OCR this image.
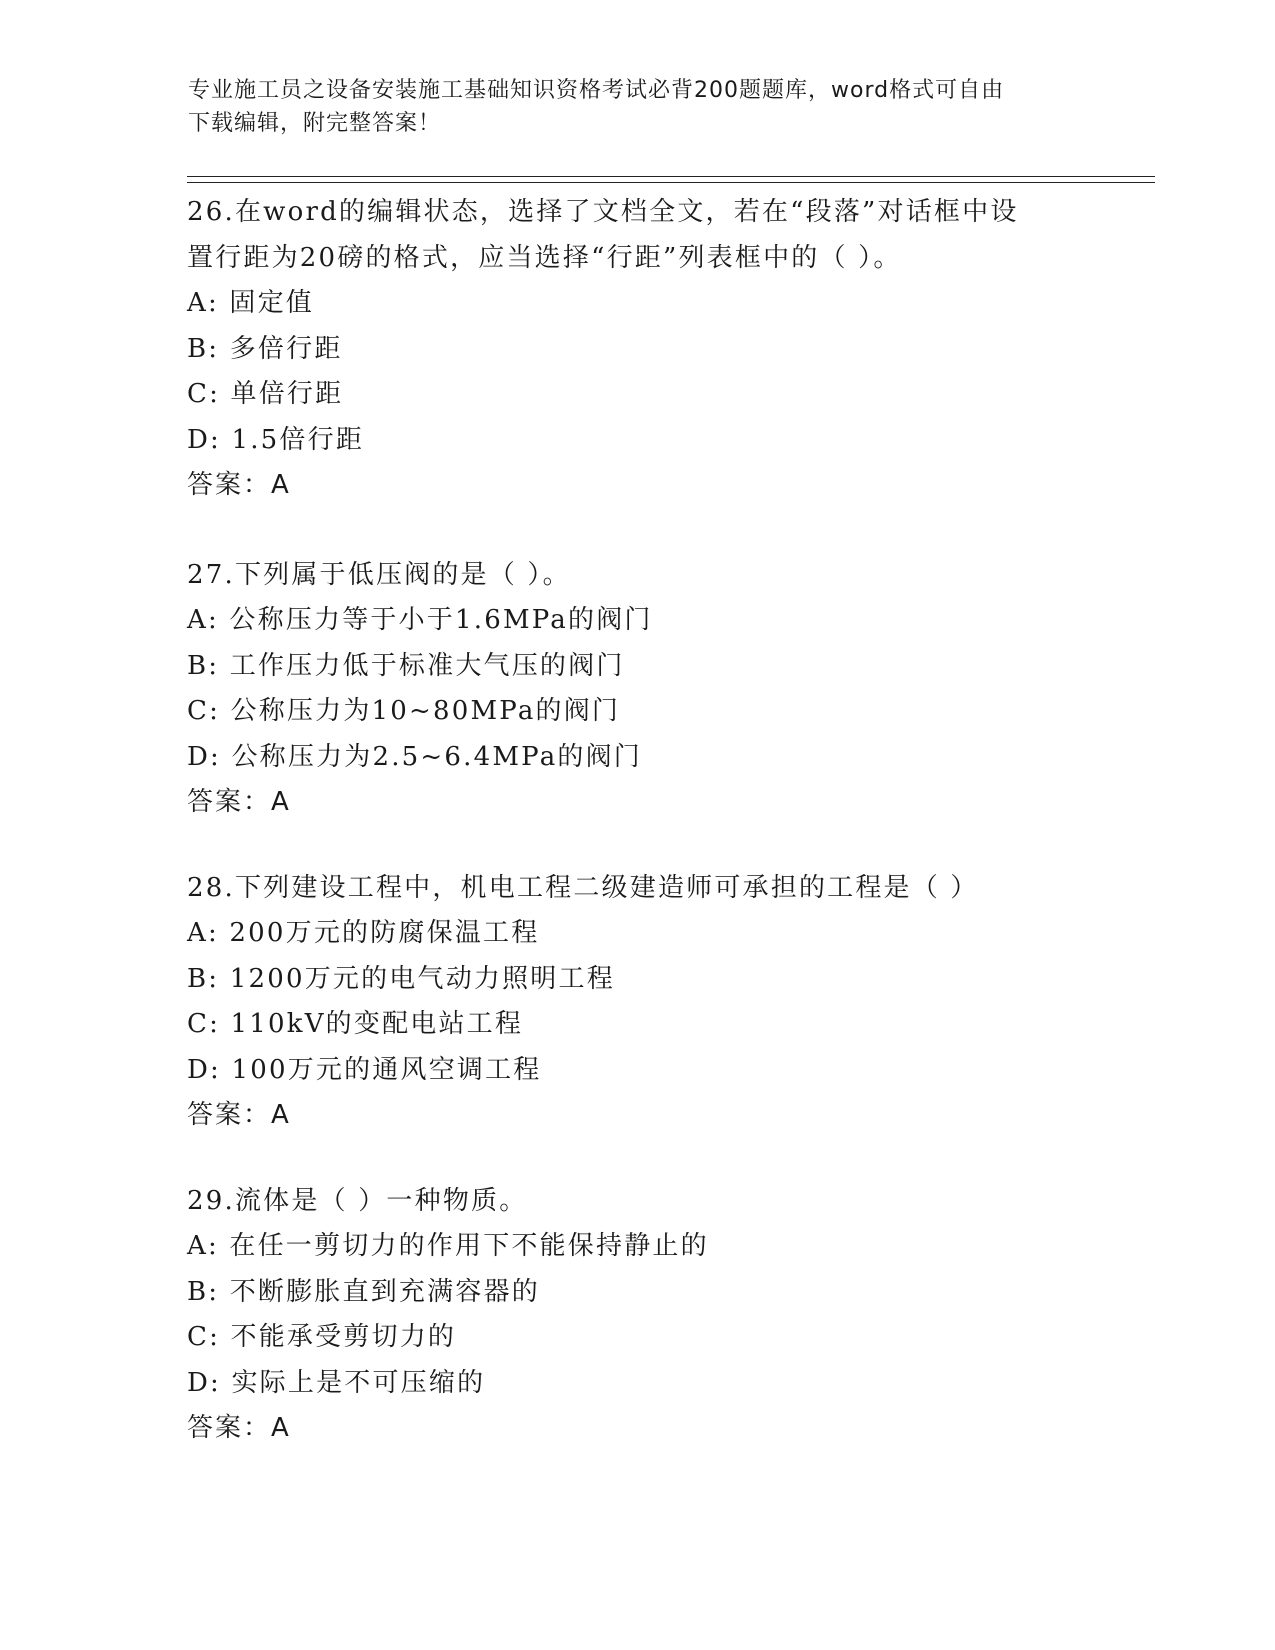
专业施工员之设备安装施工基础知识资格考试必背200题题库，word格式可自由
下载编辑，附完整答案！
26.在word的编辑状态，选择了文档全文，若在“段落”对话框中设
置行距为20磅的格式，应当选择“行距”列表框中的（ ）。
A: 固定值
B: 多倍行距
C: 单倍行距
D: 1.5倍行距
答案：A
27.下列属于低压阀的是（ ）。
A: 公称压力等于小于1.6MPa的阀门
B: 工作压力低于标准大气压的阀门
C: 公称压力为10~80MPa的阀门
D: 公称压力为2.5~6.4MPa的阀门
答案：A
28.下列建设工程中，机电工程二级建造师可承担的工程是（ ）
A: 200万元的防腐保温工程
B: 1200万元的电气动力照明工程
C: 110kV的变配电站工程
D: 100万元的通风空调工程
答案：A
29.流体是（ ）一种物质。
A: 在任一剪切力的作用下不能保持静止的
B: 不断膨胀直到充满容器的
C: 不能承受剪切力的
D: 实际上是不可压缩的
答案：A
